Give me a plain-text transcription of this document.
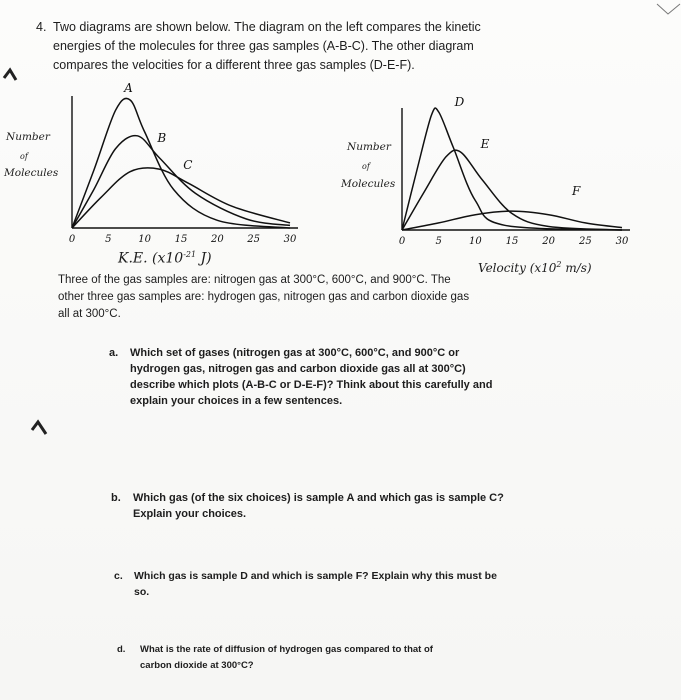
4. Two diagrams are shown below. The diagram on the left compares the kinetic
energies of the molecules for three gas samples (A-B-C). The other diagram
compares the velocities for a different three gas samples (D-E-F).
Number
of
Molecules
Number
of
Molecules
A
B
C
0	5	10 15 20 25 30
D
E
F
0	5	10 15 20 25 30
K.E. ($x10^{-21}$ J)
Velocity ($x10^2$ m/s)
Three of the gas samples are: nitrogen gas at 300°C, 600°C, and 900°C. The
other three gas samples are: hydrogen gas, nitrogen gas and carbon dioxide gas
all at 300°C.
a. Which set of gases (nitrogen gas at 300°C, 600°C, and 900°C or
hydrogen gas, nitrogen gas and carbon dioxide gas all at 300°C)
describe which plots (A-B-C or D-E-F)? Think about this carefully and
explain your choices in a few sentences.
b. Which gas (of the six choices) is sample A and which gas is sample C?
Explain your choices.
c. Which gas is sample D and which is sample F? Explain why this must be
so.
d. What is the rate of diffusion of hydrogen gas compared to that of
carbon dioxide at 300°C?
